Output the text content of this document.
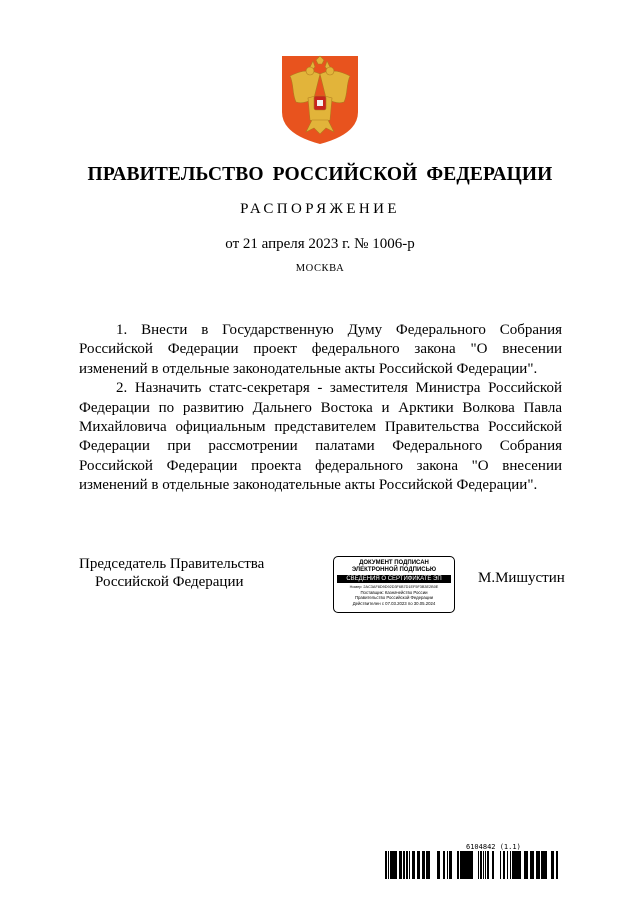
ПРАВИТЕЛЬСТВО РОССИЙСКОЙ ФЕДЕРАЦИИ
РАСПОРЯЖЕНИЕ
от 21 апреля 2023 г. № 1006-р
МОСКВА

1. Внести в Государственную Думу Федерального Собрания Российской Федерации проект федерального закона "О внесении изменений в отдельные законодательные акты Российской Федерации".

2. Назначить статс-секретаря - заместителя Министра Российской Федерации по развитию Дальнего Востока и Арктики Волкова Павла Михайловича официальным представителем Правительства Российской Федерации при рассмотрении палатами Федерального Собрания Российской Федерации проекта федерального закона "О внесении изменений в отдельные законодательные акты Российской Федерации".

Председатель Правительства
Российской Федерации
ДОКУМЕНТ ПОДПИСАН
ЭЛЕКТРОННОЙ ПОДПИСЬЮ
СВЕДЕНИЯ О СЕРТИФИКАТЕ ЭП
Номер: 2AC3AF8D9D92D3F6B7D1EF5F3B3E2B0E
Поставщик: Казначейство России
Правительство Российской Федерации
Действителен с 07.03.2023 по 30.05.2024
М.Мишустин
6104842 (1.1)
